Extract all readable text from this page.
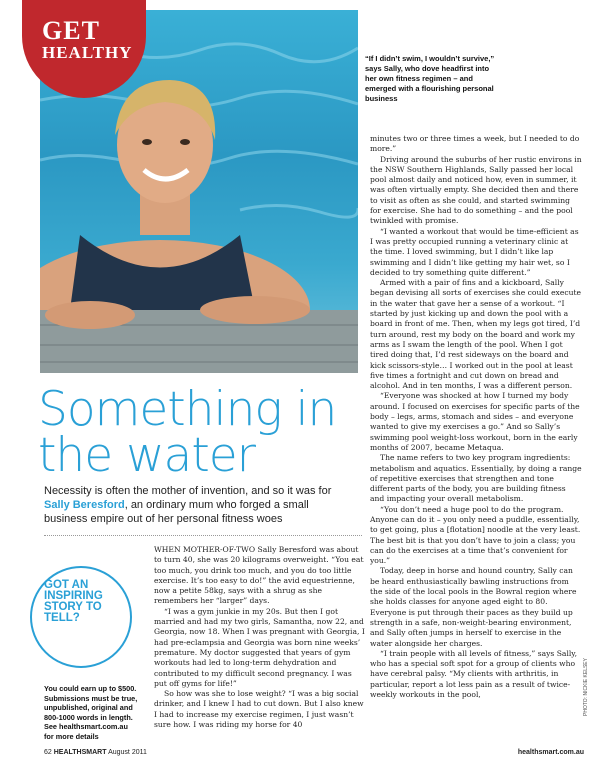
GET
HEALTHY	“If I didn’t swim, I wouldn’t survive,” says Sally, who dove headfirst into her own fitness regimen – and emerged with a flourishing personal business

minutes two or three times a week, but I needed to do more.”

Driving around the suburbs of her rustic environs in the NSW Southern Highlands, Sally passed her local pool almost daily and noticed how, even in summer, it was often virtually empty. She decided then and there to visit as often as she could, and started swimming for exercise. She had to do something – and the pool twinkled with promise.

“I wanted a workout that would be time-efficient as I was pretty occupied running a veterinary clinic at the time. I loved swimming, but I didn’t like lap swimming and I didn’t like getting my hair wet, so I decided to try something quite different.”

Armed with a pair of fins and a kickboard, Sally began devising all sorts of exercises she could execute in the water that gave her a sense of a workout. “I started by just kicking up and down the pool with a board in front of me. Then, when my legs got tired, I’d turn around, rest my body on the board and work my arms as I swam the length of the pool. When I got tired doing that, I’d rest sideways on the board and kick scissors-style… I worked out in the pool at least five times a fortnight and cut down on bread and alcohol. And in ten months, I was a different person.

“Everyone was shocked at how I turned my body around. I focused on exercises for specific parts of the body – legs, arms, stomach and sides – and everyone wanted to give my exercises a go.” And so Sally’s swimming pool weight-loss workout, born in the early months of 2007, became Metaqua.

The name refers to two key program ingredients: metabolism and aquatics. Essentially, by doing a range of repetitive exercises that strengthen and tone different parts of the body, you are building fitness and impacting your overall metabolism.

“You don’t need a huge pool to do the program. Anyone can do it – you only need a puddle, essentially, to get going, plus a [flotation] noodle at the very least. The best bit is that you don’t have to join a class; you can do the exercises at a time that’s convenient for you.”

Today, deep in horse and hound country, Sally can be heard enthusiastically bawling instructions from the side of the local pools in the Bowral region where she holds classes for anyone aged eight to 80. Everyone is put through their paces as they build up strength in a safe, non-weight-bearing environment, and Sally often jumps in herself to exercise in the water alongside her charges.

“I train people with all levels of fitness,” says Sally, who has a special soft spot for a group of clients who have cerebral palsy. “My clients with arthritis, in particular, report a lot less pain as a result of twice-weekly workouts in the pool,

Something in the water
Necessity is often the mother of invention, and so it was for Sally Beresford, an ordinary mum who forged a small business empire out of her personal fitness woes
GOT AN INSPIRING STORY TO TELL?
You could earn up to $500. Submissions must be true, unpublished, original and 800-1000 words in length. See healthsmart.com.au for more details

WHEN MOTHER-OF-TWO Sally Beresford was about to turn 40, she was 20 kilograms overweight. “You eat too much, you drink too much, and you do too little exercise. It’s too easy to do!” the avid equestrienne, now a petite 58kg, says with a shrug as she remembers her “larger” days.

“I was a gym junkie in my 20s. But then I got married and had my two girls, Samantha, now 22, and Georgia, now 18. When I was pregnant with Georgia, I had pre-eclampsia and Georgia was born nine weeks’ premature. My doctor suggested that years of gym workouts had led to long-term dehydration and contributed to my difficult second pregnancy. I was put off gyms for life!”

So how was she to lose weight? “I was a big social drinker, and I knew I had to cut down. But I also knew I had to increase my exercise regimen, I just wasn’t sure how. I was riding my horse for 40

PHOTO: NICKIE KELSEY
62 HEALTHSMART August 2011	healthsmart.com.au
